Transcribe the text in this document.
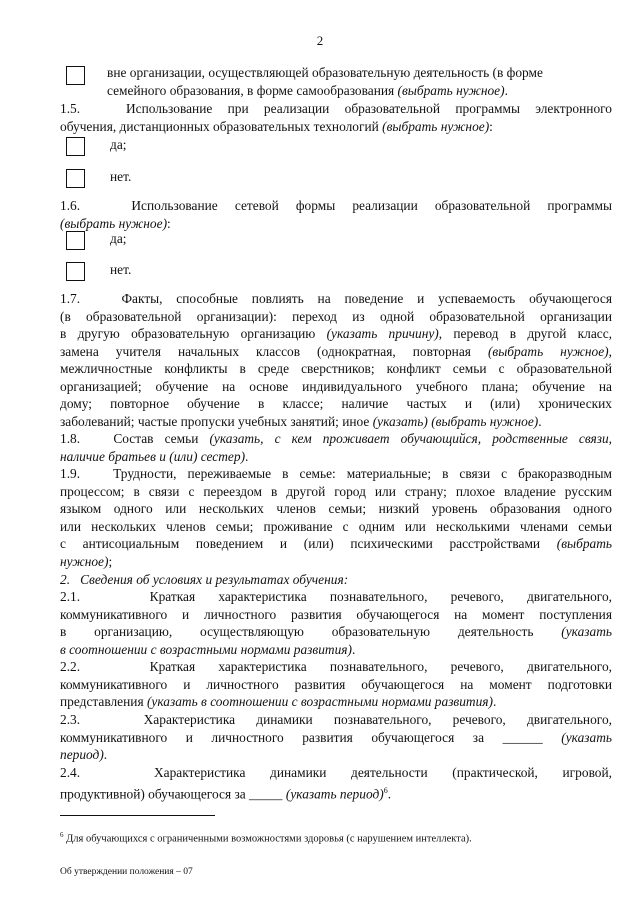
2
вне организации, осуществляющей образовательную деятельность (в форме
семейного образования, в форме самообразования (выбрать нужное).
1.5.	Использование при реализации образовательной программы электронного
обучения, дистанционных образовательных технологий (выбрать нужное):
да;
нет.
1.6.	Использование сетевой формы реализации образовательной программы
(выбрать нужное):
да;
нет.
1.7.	Факты, способные повлиять на поведение и успеваемость обучающегося
(в образовательной организации): переход из одной образовательной организации
в другую образовательную организацию (указать причину), перевод в другой класс,
замена учителя начальных классов (однократная, повторная (выбрать нужное),
межличностные конфликты в среде сверстников; конфликт семьи с образовательной
организацией; обучение на основе индивидуального учебного плана; обучение на
дому; повторное обучение в классе; наличие частых и (или) хронических
заболеваний; частые пропуски учебных занятий; иное (указать) (выбрать нужное).
1.8. Состав семьи (указать, с кем проживает обучающийся, родственные связи,
наличие братьев и (или) сестер).
1.9. Трудности, переживаемые в семье: материальные; в связи с бракоразводным
процессом; в связи с переездом в другой город или страну; плохое владение русским
языком одного или нескольких членов семьи; низкий уровень образования одного
или нескольких членов семьи; проживание с одним или несколькими членами семьи
с антисоциальным поведением и (или) психическими расстройствами (выбрать
нужное);
2. Сведения об условиях и результатах обучения:
2.1.	Краткая характеристика познавательного, речевого, двигательного,
коммуникативного и личностного развития обучающегося на момент поступления
в организацию, осуществляющую образовательную деятельность (указать
в соотношении с возрастными нормами развития).
2.2.	Краткая характеристика познавательного, речевого, двигательного,
коммуникативного и личностного развития обучающегося на момент подготовки
представления (указать в соотношении с возрастными нормами развития).
2.3.	Характеристика динамики познавательного, речевого, двигательного,
коммуникативного и личностного развития обучающегося за ______ (указать
период).
2.4.	Характеристика динамики деятельности (практической, игровой,
продуктивной) обучающегося за _____ (указать период)$^6$.
$^6$ Для обучающихся с ограниченными возможностями здоровья (с нарушением интеллекта).
Об утверждении положения – 07
